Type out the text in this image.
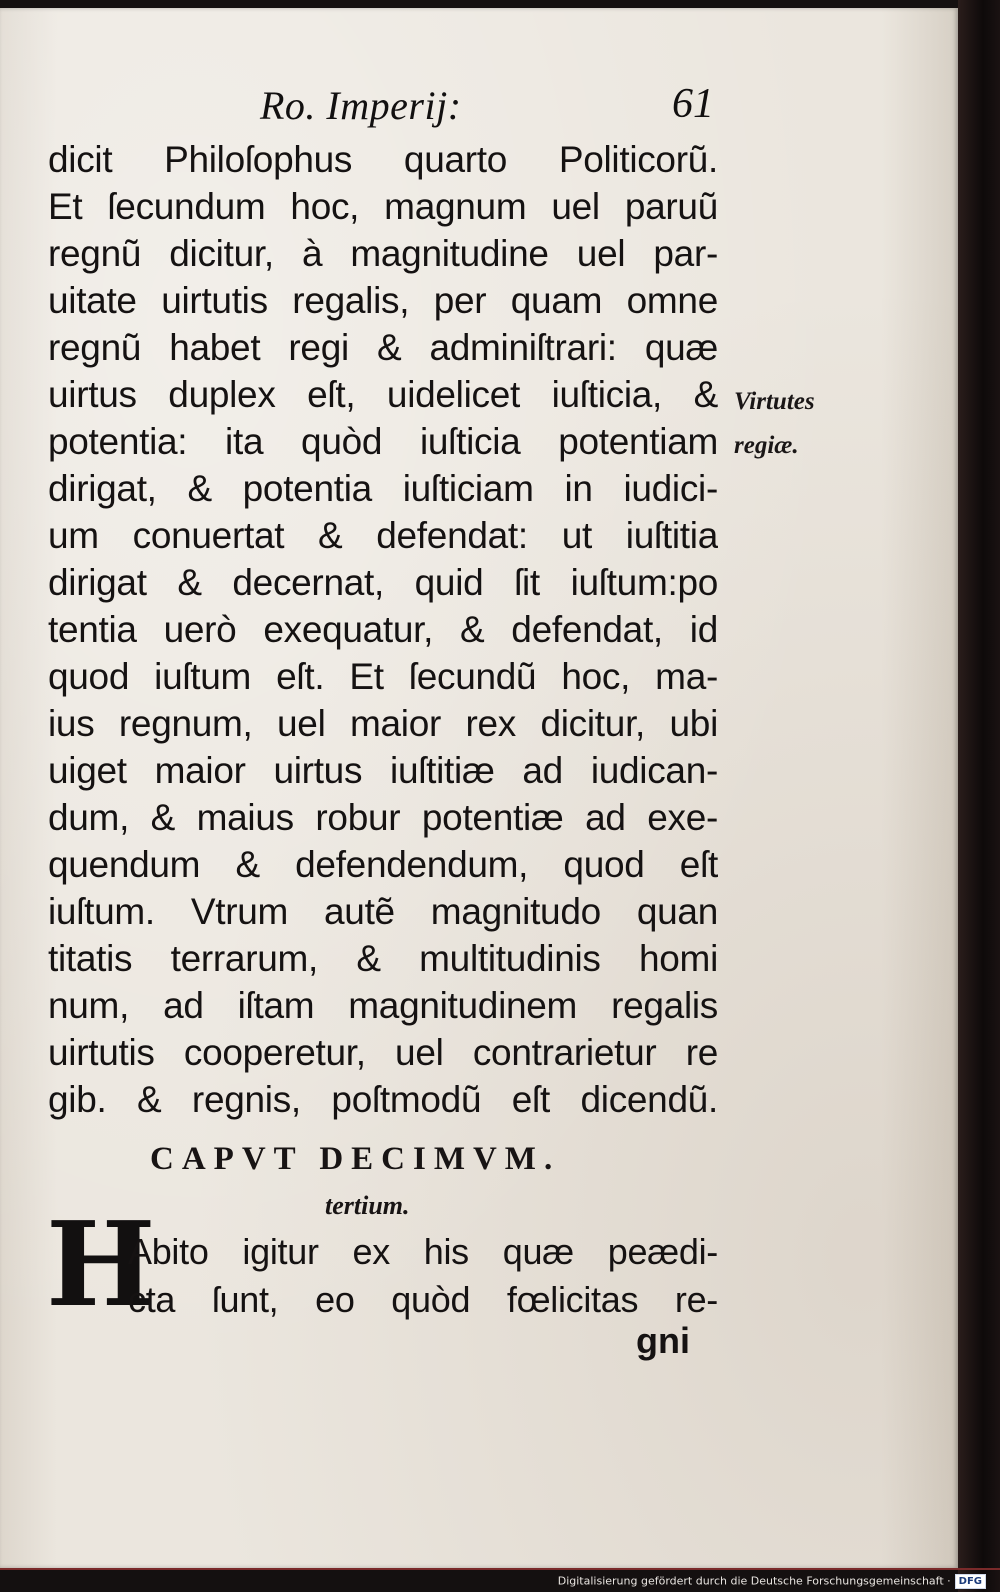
Ro. Imperij:	61
dicit Philoſophus quarto Politicorũ.
Et ſecundum hoc, magnum uel paruũ
regnũ dicitur, à magnitudine uel par-
uitate uirtutis regalis, per quam omne
regnũ habet regi & adminiſtrari: quæ
uirtus duplex eſt, uidelicet iuſticia, &
potentia: ita quòd iuſticia potentiam
dirigat, & potentia iuſticiam in iudici-
um conuertat & defendat: ut iuſtitia
dirigat & decernat, quid ſit iuſtum:po
tentia uerò exequatur, & defendat, id
quod iuſtum eſt. Et ſecundũ hoc, ma-
ius regnum, uel maior rex dicitur, ubi
uiget maior uirtus iuſtitiæ ad iudican-
dum, & maius robur potentiæ ad exe-
quendum & defendendum, quod eſt
iuſtum. Vtrum autẽ magnitudo quan
titatis terrarum, & multitudinis homi
num, ad iſtam magnitudinem regalis
uirtutis cooperetur, uel contrarietur re
gib. & regnis, poſtmodũ eſt dicendũ.
Virtutes
regiæ.
CAPVT DECIMVM.
tertium.
H
Abito igitur ex his quæ peædi-
cta ſunt, eo quòd fœlicitas re-
gni
Digitalisierung gefördert durch die Deutsche Forschungsgemeinschaft · DFG
